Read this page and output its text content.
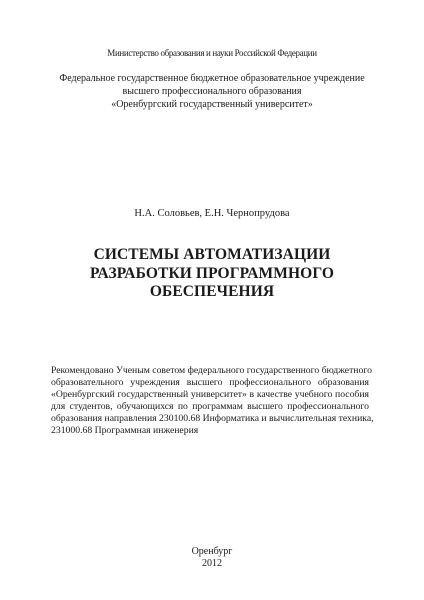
Министерство образования и науки Российской Федерации
Федеральное государственное бюджетное образовательное учреждение
высшего профессионального образования
«Оренбургский государственный университет»
Н.А. Соловьев, Е.Н. Чернопрудова
СИСТЕМЫ АВТОМАТИЗАЦИИ
РАЗРАБОТКИ ПРОГРАММНОГО
ОБЕСПЕЧЕНИЯ
Рекомендовано Ученым советом федерального государственного бюджетного
образовательного учреждения высшего профессионального образования
«Оренбургский государственный университет» в качестве учебного пособия
для студентов, обучающихся по программам высшего профессионального
образования направления 230100.68 Информатика и вычислительная техника,
231000.68 Программная инженерия
Оренбург
2012
